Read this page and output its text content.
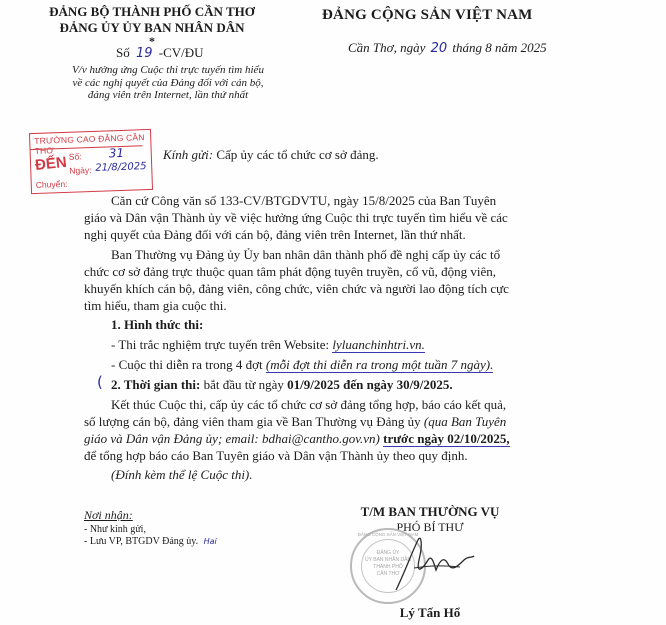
ĐẢNG BỘ THÀNH PHỐ CẦN THƠ
ĐẢNG ỦY ỦY BAN NHÂN DÂN
*
Số 19 -CV/ĐU
V/v hưởng ứng Cuộc thi trực tuyến tìm hiểu
về các nghị quyết của Đảng đối với cán bộ,
đảng viên trên Internet, lần thứ nhất
ĐẢNG CỘNG SẢN VIỆT NAM
Cần Thơ, ngày 20 tháng 8 năm 2025
TRƯỜNG CAO ĐẲNG CẦN THƠ
ĐẾN Số: 31
Ngày: 21/8/2025
Chuyển:
Kính gửi: Cấp ủy các tổ chức cơ sở đảng.
Căn cứ Công văn số 133-CV/BTGDVTU, ngày 15/8/2025 của Ban Tuyên
giáo và Dân vận Thành ủy về việc hưởng ứng Cuộc thi trực tuyến tìm hiểu về các
nghị quyết của Đảng đối với cán bộ, đảng viên trên Internet, lần thứ nhất.
Ban Thường vụ Đảng ủy Ủy ban nhân dân thành phố đề nghị cấp ủy các tổ
chức cơ sở đảng trực thuộc quan tâm phát động tuyên truyền, cổ vũ, động viên,
khuyến khích cán bộ, đảng viên, công chức, viên chức và người lao động tích cực
tìm hiểu, tham gia cuộc thi.
1. Hình thức thi:
- Thi trắc nghiệm trực tuyến trên Website: lyluanchinhtri.vn.
- Cuộc thi diễn ra trong 4 đợt (mỗi đợt thi diễn ra trong một tuần 7 ngày).
( 2. Thời gian thi: bắt đầu từ ngày 01/9/2025 đến ngày 30/9/2025.
Kết thúc Cuộc thi, cấp ủy các tổ chức cơ sở đảng tổng hợp, báo cáo kết quả,
số lượng cán bộ, đảng viên tham gia về Ban Thường vụ Đảng ủy (qua Ban Tuyên
giáo và Dân vận Đảng ủy; email: bdhai@cantho.gov.vn) trước ngày 02/10/2025,
để tổng hợp báo cáo Ban Tuyên giáo và Dân vận Thành ủy theo quy định.
(Đính kèm thể lệ Cuộc thi).
Nơi nhận:
- Như kính gửi,
- Lưu VP, BTGDV Đảng ủy. Hai
T/M BAN THƯỜNG VỤ
PHÓ BÍ THƯ
ĐẢNG CỘNG SẢN VIỆT NAM
ĐẢNG ỦY
ỦY BAN NHÂN DÂN
THÀNH PHỐ
CẦN THƠ
Lý Tấn Hổ
